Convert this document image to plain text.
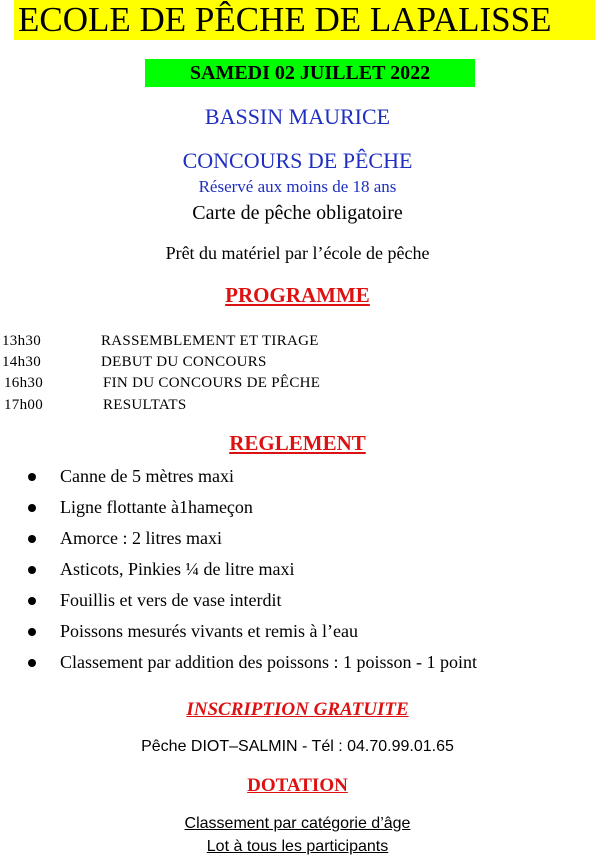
ECOLE DE PÊCHE DE LAPALISSE
SAMEDI 02 JUILLET 2022
BASSIN MAURICE
CONCOURS DE PÊCHE
Réservé aux moins de 18 ans
Carte de pêche obligatoire
Prêt du matériel par l’école de pêche
PROGRAMME
13h30	RASSEMBLEMENT ET TIRAGE
14h30	DEBUT DU CONCOURS
16h30	FIN DU CONCOURS DE PÊCHE
17h00	RESULTATS
REGLEMENT
Canne de 5 mètres maxi
Ligne flottante à1hameçon
Amorce : 2 litres maxi
Asticots, Pinkies ¼ de litre maxi
Fouillis et vers de vase interdit
Poissons mesurés vivants et remis à l’eau
Classement par addition des poissons : 1 poisson - 1 point
INSCRIPTION GRATUITE
Pêche DIOT–SALMIN - Tél : 04.70.99.01.65
DOTATION
Classement par catégorie d’âge
Lot à tous les participants
